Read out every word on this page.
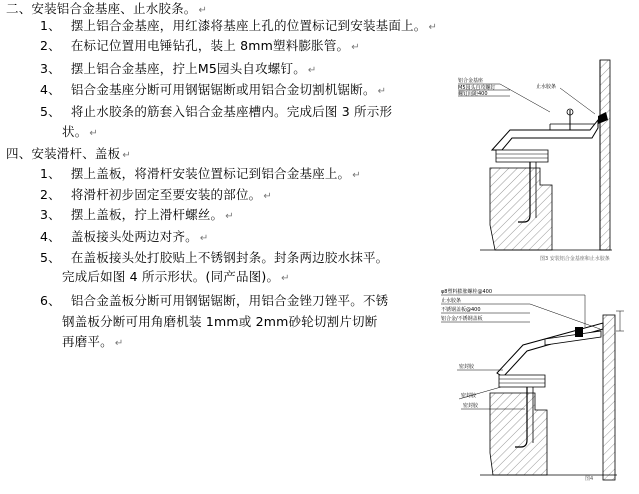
二、安装铝合金基座、止水胶条。 ↵
1、 摆上铝合金基座，用红漆将基座上孔的位置标记到安装基面上。 ↵
2、 在标记位置用电锤钻孔，装上 8mm塑料膨胀管。 ↵
3、 摆上铝合金基座，拧上M5园头自攻螺钉。 ↵
4、 铝合金基座分断可用钢锯锯断或用铝合金切割机锯断。 ↵
5、 将止水胶条的筋套入铝合金基座槽内。完成后图 3 所示形
状。 ↵
四、安装滑杆、盖板 ↵
1、 摆上盖板，将滑杆安装位置标记到铝合金基座上。 ↵
2、 将滑杆初步固定至要安装的部位。 ↵
3、 摆上盖板，拧上滑杆螺丝。 ↵
4、 盖板接头处两边对齐。 ↵
5、 在盖板接头处打胶贴上不锈钢封条。封条两边胶水抹平。
完成后如图 4 所示形状。(同产品图)。 ↵
6、 铝合金盖板分断可用钢锯锯断，用铝合金锉刀锉平。不锈
钢盖板分断可用角磨机装 1mm或 2mm砂轮切割片切断
再磨平。 ↵
铝合金基座
M5园头自攻螺钉
螺钉间距400
止水胶条
图3 安装铝合金基座和止水胶条
φ8塑料膨胀螺栓@400
止水胶条
不锈钢盖板@400
铝合金/不锈钢盖板
密封胶
密封胶
密封胶
图4
